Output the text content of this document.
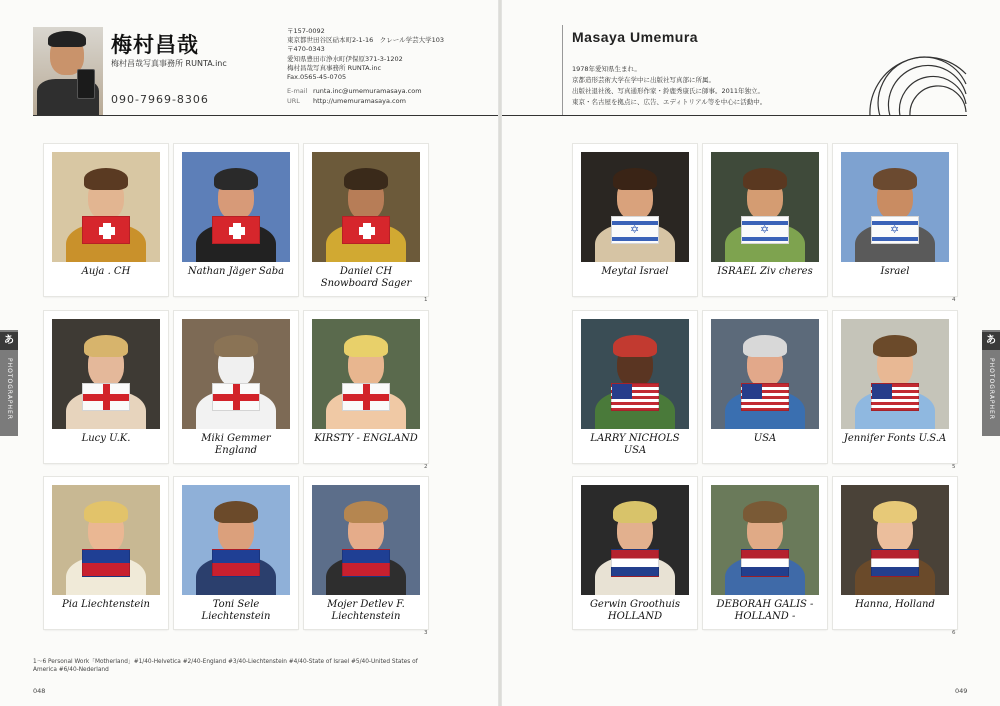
梅村昌哉
梅村昌哉写真事務所 RUNTA.inc
090-7969-8306
〒157-0092
東京都世田谷区砧本町2-1-16　クレール学芸大学103
〒470-0343
愛知県豊田市浄水町伊保原371-3-1202
梅村昌哉写真事務所 RUNTA.inc
Fax.0565-45-0705
E-mail runta.inc@umemuramasaya.com
URL http://umemuramasaya.com
Masaya Umemura
1978年愛知県生まれ。
京都造形芸術大学在学中に出版社写真部に所属。
出版社退社後、写真通形作家・鈴鹿秀康氏に師事。2011年独立。
東京・名古屋を拠点に、広告、エディトリアル等を中心に活動中。
あ
PHOTOGRAPHER
あ
PHOTOGRAPHER
Auja . CH	Nathan Jäger Saba	Daniel CH Snowboard Sager
1
Lucy U.K.	Miki Gemmer England
KIRSTY - ENGLAND
2
Pia Liechtenstein	Toni Sele Liechtenstein
Mojer Detlev F. Liechtenstein
3
✡
Meytal Israel
✡	ISRAEL Ziv cheres
✡	Israel
4
LARRY NICHOLS USA
USA	Jennifer Fonts U.S.A
5
Gerwin Groothuis HOLLAND
DEBORAH GALIS - HOLLAND -
Hanna, Holland
6
1〜6 Personal Work「Motherland」#1/40-Helvetica #2/40-England #3/40-Liechtenstein #4/40-State of Israel #5/40-United States of America #6/40-Nederland
048	049
